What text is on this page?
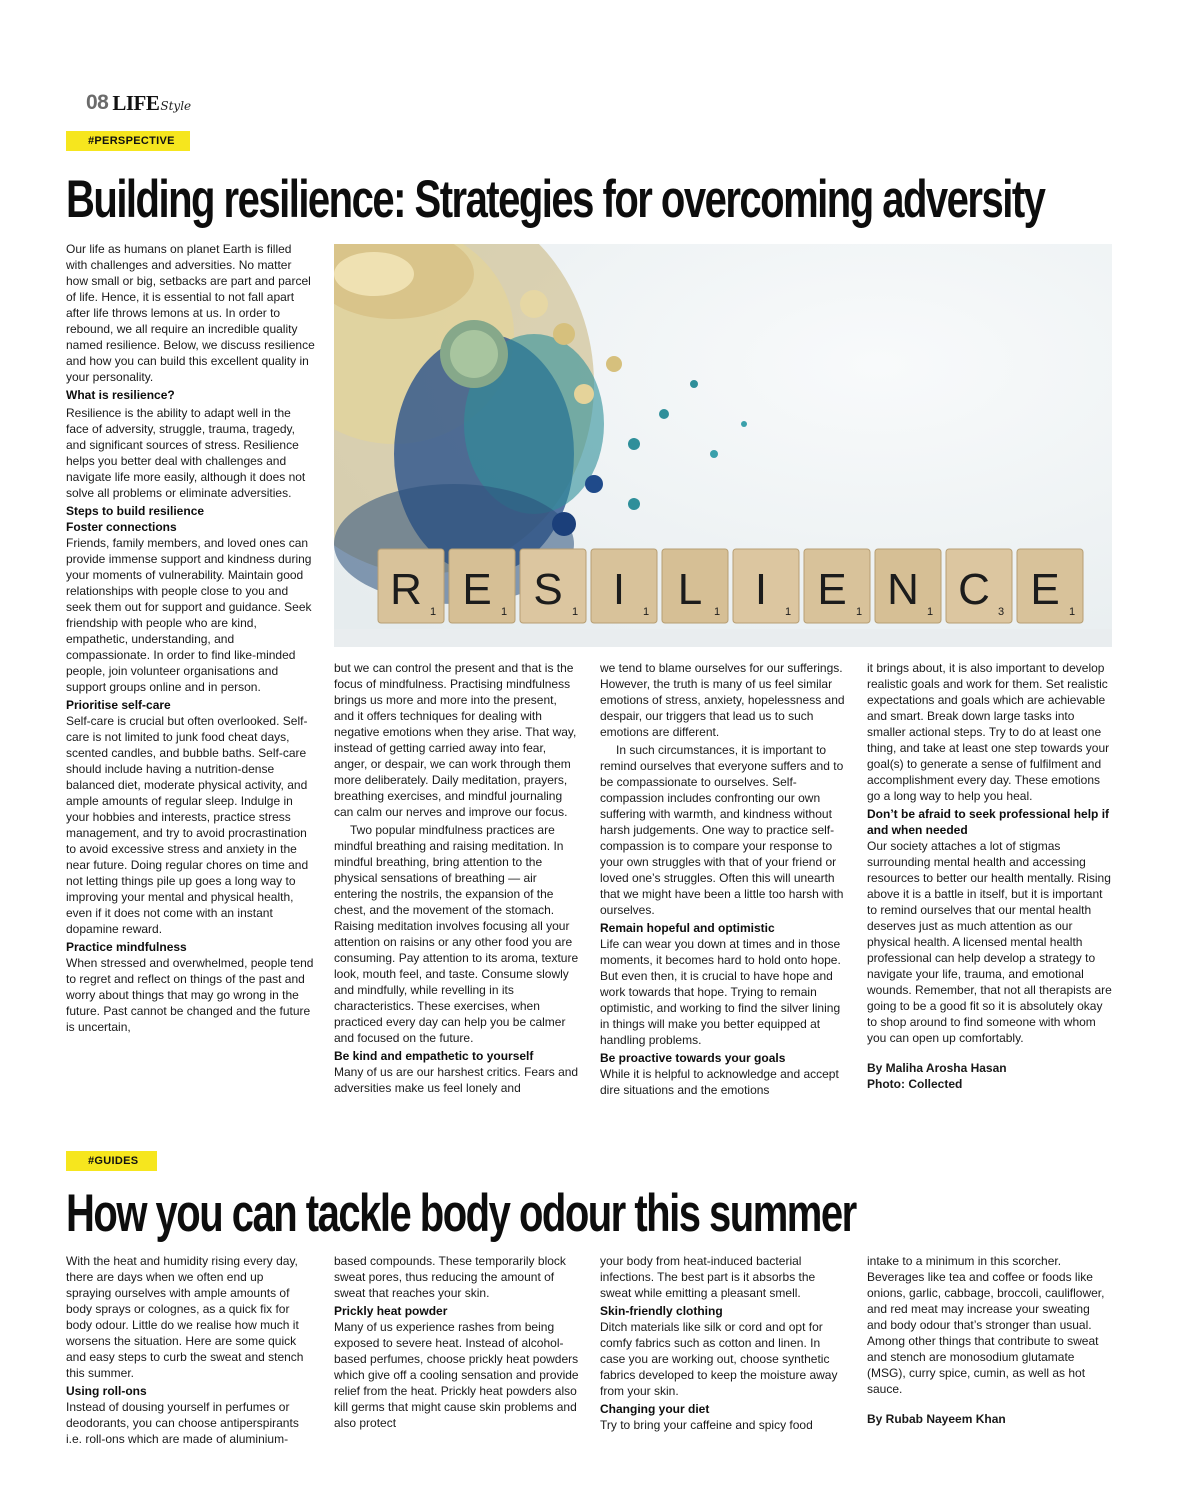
08 LIFE Style
#PERSPECTIVE
Building resilience: Strategies for overcoming adversity

Our life as humans on planet Earth is filled with challenges and adversities. No matter how small or big, setbacks are part and parcel of life. Hence, it is essential to not fall apart after life throws lemons at us. In order to rebound, we all require an incredible quality named resilience. Below, we discuss resilience and how you can build this excellent quality in your personality.

What is resilience?

Resilience is the ability to adapt well in the face of adversity, struggle, trauma, tragedy, and significant sources of stress. Resilience helps you better deal with challenges and navigate life more easily, although it does not solve all problems or eliminate adversities.

Steps to build resilience

Foster connections

Friends, family members, and loved ones can provide immense support and kindness during your moments of vulnerability. Maintain good relationships with people close to you and seek them out for support and guidance. Seek friendship with people who are kind, empathetic, understanding, and compassionate. In order to find like-minded people, join volunteer organisations and support groups online and in person.

Prioritise self-care

Self-care is crucial but often overlooked. Self-care is not limited to junk food cheat days, scented candles, and bubble baths. Self-care should include having a nutrition-dense balanced diet, moderate physical activity, and ample amounts of regular sleep. Indulge in your hobbies and interests, practice stress management, and try to avoid procrastination to avoid excessive stress and anxiety in the near future. Doing regular chores on time and not letting things pile up goes a long way to improving your mental and physical health, even if it does not come with an instant dopamine reward.

Practice mindfulness

When stressed and overwhelmed, people tend to regret and reflect on things of the past and worry about things that may go wrong in the future. Past cannot be changed and the future is uncertain,

R 1 E 1 S 1 I 1 L 1 I 1 E 1 N 1 C 3 E 1

but we can control the present and that is the focus of mindfulness. Practising mindfulness brings us more and more into the present, and it offers techniques for dealing with negative emotions when they arise. That way, instead of getting carried away into fear, anger, or despair, we can work through them more deliberately. Daily meditation, prayers, breathing exercises, and mindful journaling can calm our nerves and improve our focus.

Two popular mindfulness practices are mindful breathing and raising meditation. In mindful breathing, bring attention to the physical sensations of breathing — air entering the nostrils, the expansion of the chest, and the movement of the stomach. Raising meditation involves focusing all your attention on raisins or any other food you are consuming. Pay attention to its aroma, texture look, mouth feel, and taste. Consume slowly and mindfully, while revelling in its characteristics. These exercises, when practiced every day can help you be calmer and focused on the future.

Be kind and empathetic to yourself

Many of us are our harshest critics. Fears and adversities make us feel lonely and

we tend to blame ourselves for our sufferings. However, the truth is many of us feel similar emotions of stress, anxiety, hopelessness and despair, our triggers that lead us to such emotions are different.

In such circumstances, it is important to remind ourselves that everyone suffers and to be compassionate to ourselves. Self-compassion includes confronting our own suffering with warmth, and kindness without harsh judgements. One way to practice self-compassion is to compare your response to your own struggles with that of your friend or loved one’s struggles. Often this will unearth that we might have been a little too harsh with ourselves.

Remain hopeful and optimistic

Life can wear you down at times and in those moments, it becomes hard to hold onto hope. But even then, it is crucial to have hope and work towards that hope. Trying to remain optimistic, and working to find the silver lining in things will make you better equipped at handling problems.

Be proactive towards your goals

While it is helpful to acknowledge and accept dire situations and the emotions

it brings about, it is also important to develop realistic goals and work for them. Set realistic expectations and goals which are achievable and smart. Break down large tasks into smaller actional steps. Try to do at least one thing, and take at least one step towards your goal(s) to generate a sense of fulfilment and accomplishment every day. These emotions go a long way to help you heal.

Don’t be afraid to seek professional help if and when needed

Our society attaches a lot of stigmas surrounding mental health and accessing resources to better our health mentally. Rising above it is a battle in itself, but it is important to remind ourselves that our mental health deserves just as much attention as our physical health. A licensed mental health professional can help develop a strategy to navigate your life, trauma, and emotional wounds. Remember, that not all therapists are going to be a good fit so it is absolutely okay to shop around to find someone with whom you can open up comfortably.

By Maliha Arosha Hasan

Photo: Collected

#GUIDES
How you can tackle body odour this summer

With the heat and humidity rising every day, there are days when we often end up spraying ourselves with ample amounts of body sprays or colognes, as a quick fix for body odour. Little do we realise how much it worsens the situation. Here are some quick and easy steps to curb the sweat and stench this summer.

Using roll-ons

Instead of dousing yourself in perfumes or deodorants, you can choose antiperspirants i.e. roll-ons which are made of aluminium-

based compounds. These temporarily block sweat pores, thus reducing the amount of sweat that reaches your skin.

Prickly heat powder

Many of us experience rashes from being exposed to severe heat. Instead of alcohol-based perfumes, choose prickly heat powders which give off a cooling sensation and provide relief from the heat. Prickly heat powders also kill germs that might cause skin problems and also protect

your body from heat-induced bacterial infections. The best part is it absorbs the sweat while emitting a pleasant smell.

Skin-friendly clothing

Ditch materials like silk or cord and opt for comfy fabrics such as cotton and linen. In case you are working out, choose synthetic fabrics developed to keep the moisture away from your skin.

Changing your diet

Try to bring your caffeine and spicy food

intake to a minimum in this scorcher. Beverages like tea and coffee or foods like onions, garlic, cabbage, broccoli, cauliflower, and red meat may increase your sweating and body odour that’s stronger than usual. Among other things that contribute to sweat and stench are monosodium glutamate (MSG), curry spice, cumin, as well as hot sauce.

By Rubab Nayeem Khan
